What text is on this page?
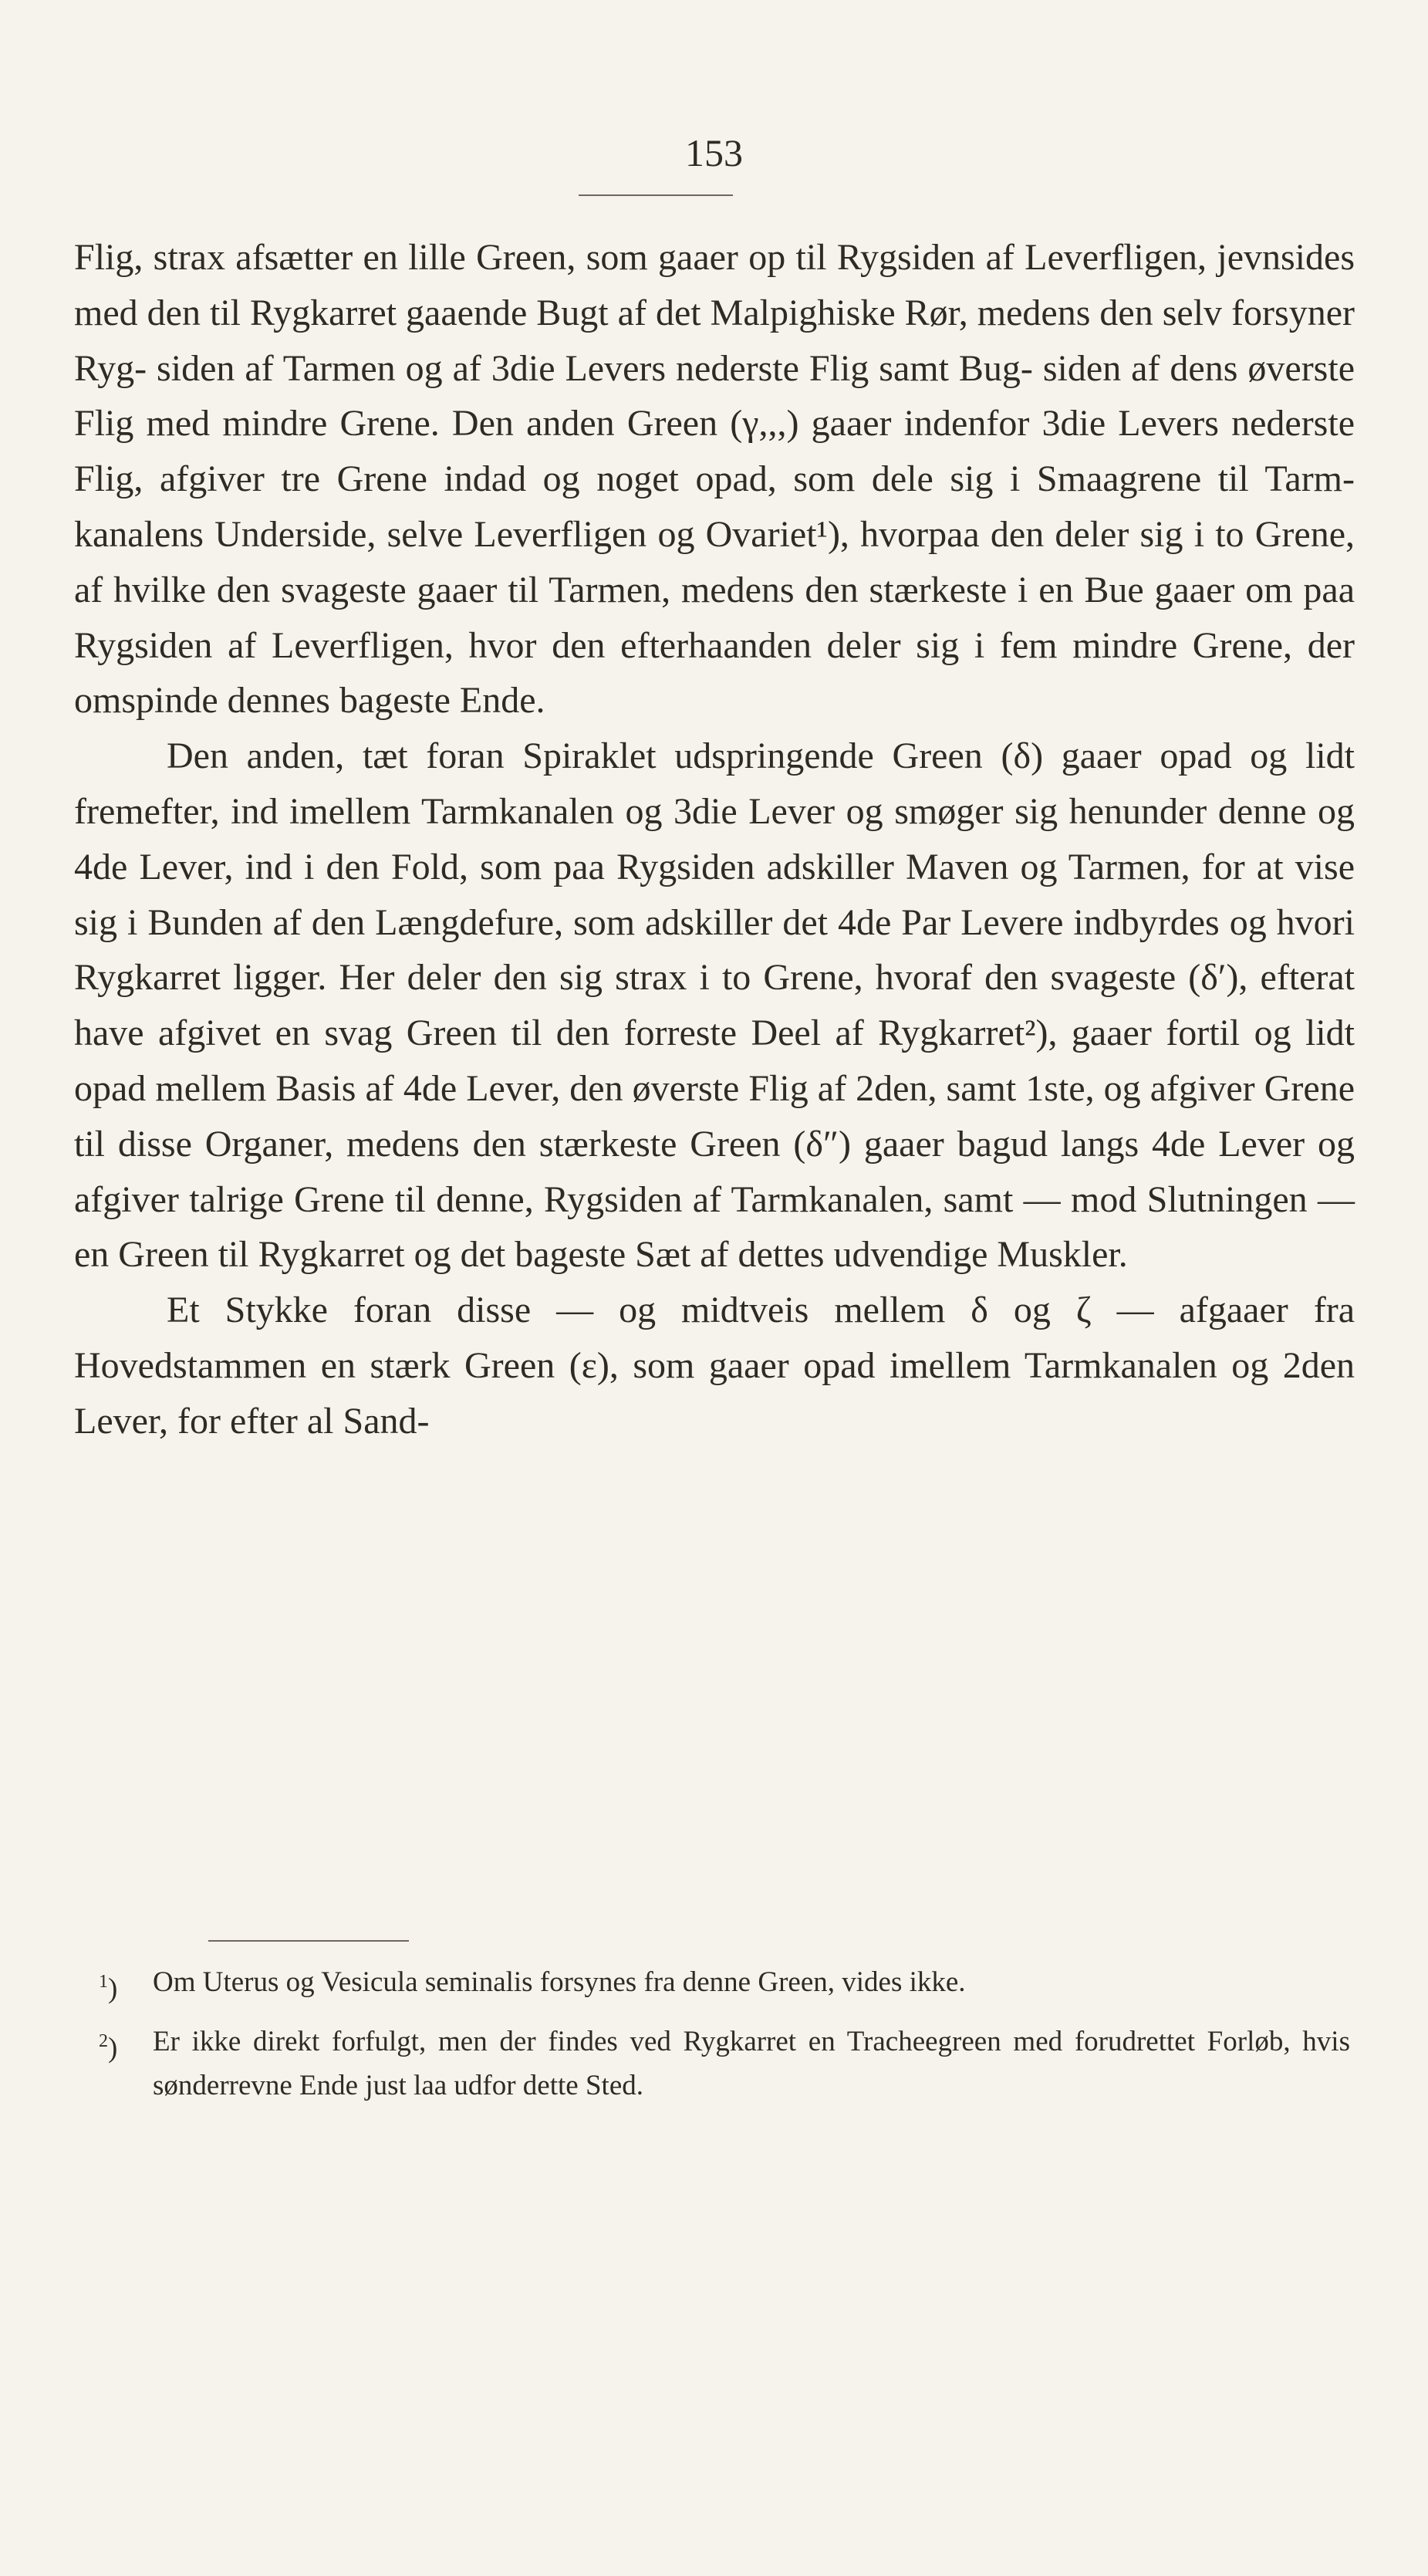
153

Flig, strax afsætter en lille Green, som gaaer op til Rygsiden af Leverfligen, jevnsides med den til Rygkarret gaaende Bugt af det Malpighiske Rør, medens den selv forsyner Ryg- siden af Tarmen og af 3die Levers nederste Flig samt Bug- siden af dens øverste Flig med mindre Grene. Den anden Green (γ,,,) gaaer indenfor 3die Levers nederste Flig, afgiver tre Grene indad og noget opad, som dele sig i Smaagrene til Tarm- kanalens Underside, selve Leverfligen og Ovariet¹), hvorpaa den deler sig i to Grene, af hvilke den svageste gaaer til Tarmen, medens den stærkeste i en Bue gaaer om paa Rygsiden af Leverfligen, hvor den efterhaanden deler sig i fem mindre Grene, der omspinde dennes bageste Ende.

Den anden, tæt foran Spiraklet udspringende Green (δ) gaaer opad og lidt fremefter, ind imellem Tarmkanalen og 3die Lever og smøger sig henunder denne og 4de Lever, ind i den Fold, som paa Rygsiden adskiller Maven og Tarmen, for at vise sig i Bunden af den Længdefure, som adskiller det 4de Par Levere indbyrdes og hvori Rygkarret ligger. Her deler den sig strax i to Grene, hvoraf den svageste (δ′), efterat have afgivet en svag Green til den forreste Deel af Rygkarret²), gaaer fortil og lidt opad mellem Basis af 4de Lever, den øverste Flig af 2den, samt 1ste, og afgiver Grene til disse Organer, medens den stærkeste Green (δ″) gaaer bagud langs 4de Lever og afgiver talrige Grene til denne, Rygsiden af Tarmkanalen, samt — mod Slutningen — en Green til Rygkarret og det bageste Sæt af dettes udvendige Muskler.

Et Stykke foran disse — og midtveis mellem δ og ζ — afgaaer fra Hovedstammen en stærk Green (ε), som gaaer opad imellem Tarmkanalen og 2den Lever, for efter al Sand-

$^1$)	Om Uterus og Vesicula seminalis forsynes fra denne Green, vides ikke.
$^2$)	Er ikke direkt forfulgt, men der findes ved Rygkarret en Tracheegreen med forudrettet Forløb, hvis sønderrevne Ende just laa udfor dette Sted.
